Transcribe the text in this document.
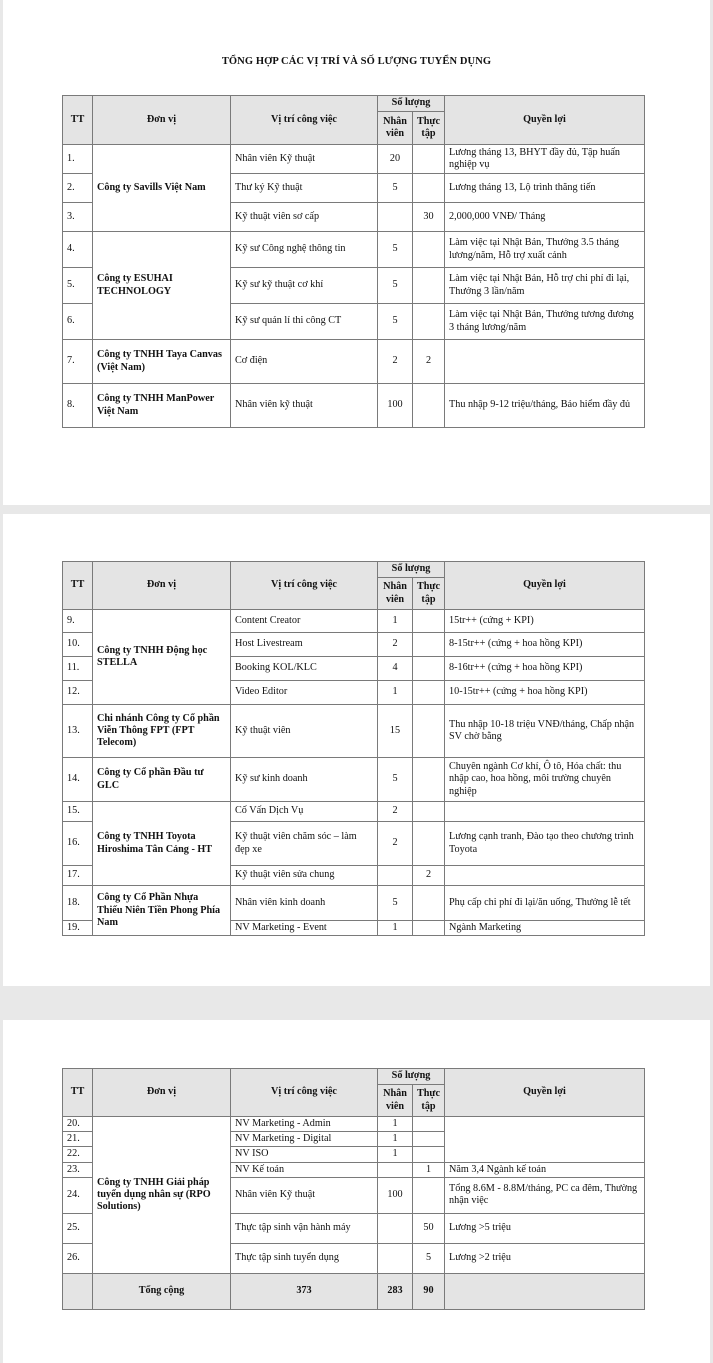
TỔNG HỢP CÁC VỊ TRÍ VÀ SỐ LƯỢNG TUYỂN DỤNG
TT	Đơn vị	Vị trí công việc	Số lượng		Quyền lợi
			Nhân viên	Thực tập	
1.	Công ty Savills Việt Nam	Nhân viên Kỹ thuật	20		Lương tháng 13, BHYT đầy đủ, Tập huấn nghiệp vụ
2.		Thư ký Kỹ thuật	5		Lương tháng 13, Lộ trình thăng tiến
3.		Kỹ thuật viên sơ cấp		30	2,000,000 VNĐ/ Tháng
4.	Công ty ESUHAI TECHNOLOGY	Kỹ sư Công nghệ thông tin	5		Làm việc tại Nhật Bản, Thưởng 3.5 tháng lương/năm, Hỗ trợ xuất cảnh
5.		Kỹ sư kỹ thuật cơ khí	5		Làm việc tại Nhật Bản, Hỗ trợ chi phí đi lại, Thưởng 3 lần/năm
6.		Kỹ sư quản lí thi công CT	5		Làm việc tại Nhật Bản, Thưởng tương đương 3 tháng lương/năm
7.	Công ty TNHH Taya Canvas (Việt Nam)	Cơ điện	2	2	
8.	Công ty TNHH ManPower Việt Nam	Nhân viên kỹ thuật	100		Thu nhập 9-12 triệu/tháng, Bảo hiểm đầy đủ
TT	Đơn vị	Vị trí công việc	Số lượng		Quyền lợi
			Nhân viên	Thực tập	
9.	Công ty TNHH Động học STELLA	Content Creator	1		15tr++ (cứng + KPI)
10.		Host Livestream	2		8-15tr++ (cứng + hoa hồng KPI)
11.		Booking KOL/KLC	4		8-16tr++ (cứng + hoa hồng KPI)
12.		Video Editor	1		10-15tr++ (cứng + hoa hồng KPI)
13.	Chi nhánh Công ty Cổ phần Viễn Thông FPT (FPT Telecom)	Kỹ thuật viên	15		Thu nhập 10-18 triệu VNĐ/tháng, Chấp nhận SV chờ bằng
14.	Công ty Cổ phần Đầu tư GLC	Kỹ sư kinh doanh	5		Chuyên ngành Cơ khí, Ô tô, Hóa chất: thu nhập cao, hoa hồng, môi trường chuyên nghiệp
15.	Công ty TNHH Toyota Hiroshima Tân Cảng - HT	Cố Vấn Dịch Vụ	2		
16.		Kỹ thuật viên chăm sóc – làm đẹp xe	2		Lương cạnh tranh, Đào tạo theo chương trình Toyota
17.		Kỹ thuật viên sửa chung		2	
18.	Công ty Cổ Phần Nhựa Thiếu Niên Tiền Phong Phía Nam	Nhân viên kinh doanh	5		Phụ cấp chi phí đi lại/ăn uống, Thưởng lễ tết
19.		NV Marketing - Event	1		Ngành Marketing
TT	Đơn vị	Vị trí công việc	Số lượng		Quyền lợi
			Nhân viên	Thực tập	
20.	Công ty TNHH Giải pháp tuyển dụng nhân sự (RPO Solutions)	NV Marketing - Admin	1		
21.		NV Marketing - Digital	1		
22.		NV ISO	1		
23.		NV Kế toán		1	Năm 3,4 Ngành kế toán
24.		Nhân viên Kỹ thuật	100		Tổng 8.6M - 8.8M/tháng, PC ca đêm, Thường nhận việc
25.		Thực tập sinh vận hành máy		50	Lương >5 triệu
26.		Thực tập sinh tuyển dụng		5	Lương >2 triệu
	Tổng cộng	373	283	90	
